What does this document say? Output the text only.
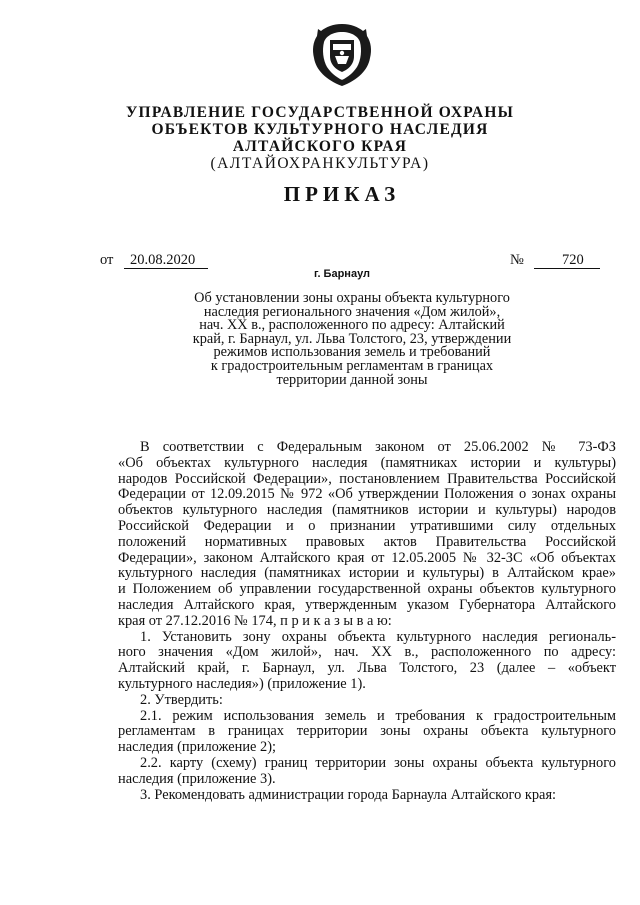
УПРАВЛЕНИЕ ГОСУДАРСТВЕННОЙ ОХРАНЫ
ОБЪЕКТОВ КУЛЬТУРНОГО НАСЛЕДИЯ
АЛТАЙСКОГО КРАЯ
(АЛТАЙОХРАНКУЛЬТУРА)
ПРИКАЗ
от 20.08.2020	№	720
г. Барнаул
Об установлении зоны охраны объекта культурного
наследия регионального значения «Дом жилой»,
нач. XX в., расположенного по адресу: Алтайский
край, г. Барнаул, ул. Льва Толстого, 23, утверждении
режимов использования земель и требований
к градостроительным регламентам в границах
территории данной зоны
В соответствии с Федеральным законом от 25.06.2002 № 73-ФЗ
«Об объектах культурного наследия (памятниках истории и культуры)
народов Российской Федерации», постановлением Правительства Российской
Федерации от 12.09.2015 № 972 «Об утверждении Положения о зонах охраны
объектов культурного наследия (памятников истории и культуры) народов
Российской Федерации и о признании утратившими силу отдельных
положений нормативных правовых актов Правительства Российской
Федерации», законом Алтайского края от 12.05.2005 № 32-ЗС «Об объектах
культурного наследия (памятниках истории и культуры) в Алтайском крае»
и Положением об управлении государственной охраны объектов культурного
наследия Алтайского края, утвержденным указом Губернатора Алтайского
края от 27.12.2016 № 174, п р и к а з ы в а ю:
1. Установить зону охраны объекта культурного наследия региональ-
ного значения «Дом жилой», нач. XX в., расположенного по адресу:
Алтайский край, г. Барнаул, ул. Льва Толстого, 23 (далее – «объект
культурного наследия») (приложение 1).
2. Утвердить:
2.1. режим использования земель и требования к градостроительным
регламентам в границах территории зоны охраны объекта культурного
наследия (приложение 2);
2.2. карту (схему) границ территории зоны охраны объекта культурного
наследия (приложение 3).
3. Рекомендовать администрации города Барнаула Алтайского края:
